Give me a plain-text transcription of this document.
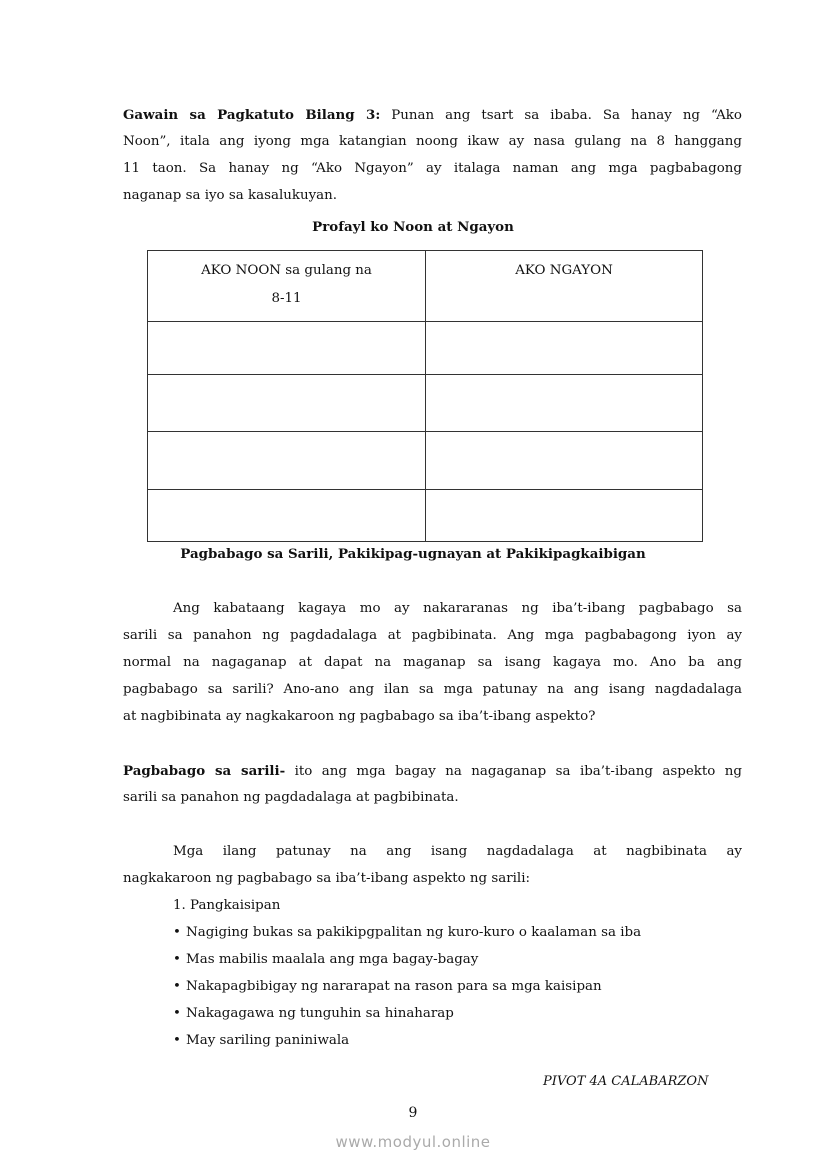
Gawain sa Pagkatuto Bilang 3: Punan ang tsart sa ibaba. Sa hanay ng “Ako
Noon”, itala ang iyong mga katangian noong ikaw ay nasa gulang na 8 hanggang
11 taon. Sa hanay ng “Ako Ngayon” ay italaga naman ang mga pagbabagong
naganap sa iyo sa kasalukuyan.
Profayl ko Noon at Ngayon
AKO NOON sa gulang na
8-11	AKO NGAYON

Pagbabago sa Sarili, Pakikipag-ugnayan at Pakikipagkaibigan
Ang kabataang kagaya mo ay nakararanas ng iba’t-ibang pagbabago sa
sarili sa panahon ng pagdadalaga at pagbibinata. Ang mga pagbabagong iyon ay
normal na nagaganap at dapat na maganap sa isang kagaya mo. Ano ba ang
pagbabago sa sarili? Ano-ano ang ilan sa mga patunay na ang isang nagdadalaga
at nagbibinata ay nagkakaroon ng pagbabago sa iba’t-ibang aspekto?
Pagbabago sa sarili- ito ang mga bagay na nagaganap sa iba’t-ibang aspekto ng
sarili sa panahon ng pagdadalaga at pagbibinata.
Mga ilang patunay na ang isang nagdadalaga at nagbibinata ay
nagkakaroon ng pagbabago sa iba’t-ibang aspekto ng sarili:
1. Pangkaisipan
• Nagiging bukas sa pakikipgpalitan ng kuro-kuro o kaalaman sa iba
• Mas mabilis maalala ang mga bagay-bagay
• Nakapagbibigay ng nararapat na rason para sa mga kaisipan
• Nakagagawa ng tunguhin sa hinaharap
• May sariling paniniwala
PIVOT 4A CALABARZON
9
www.modyul.online
